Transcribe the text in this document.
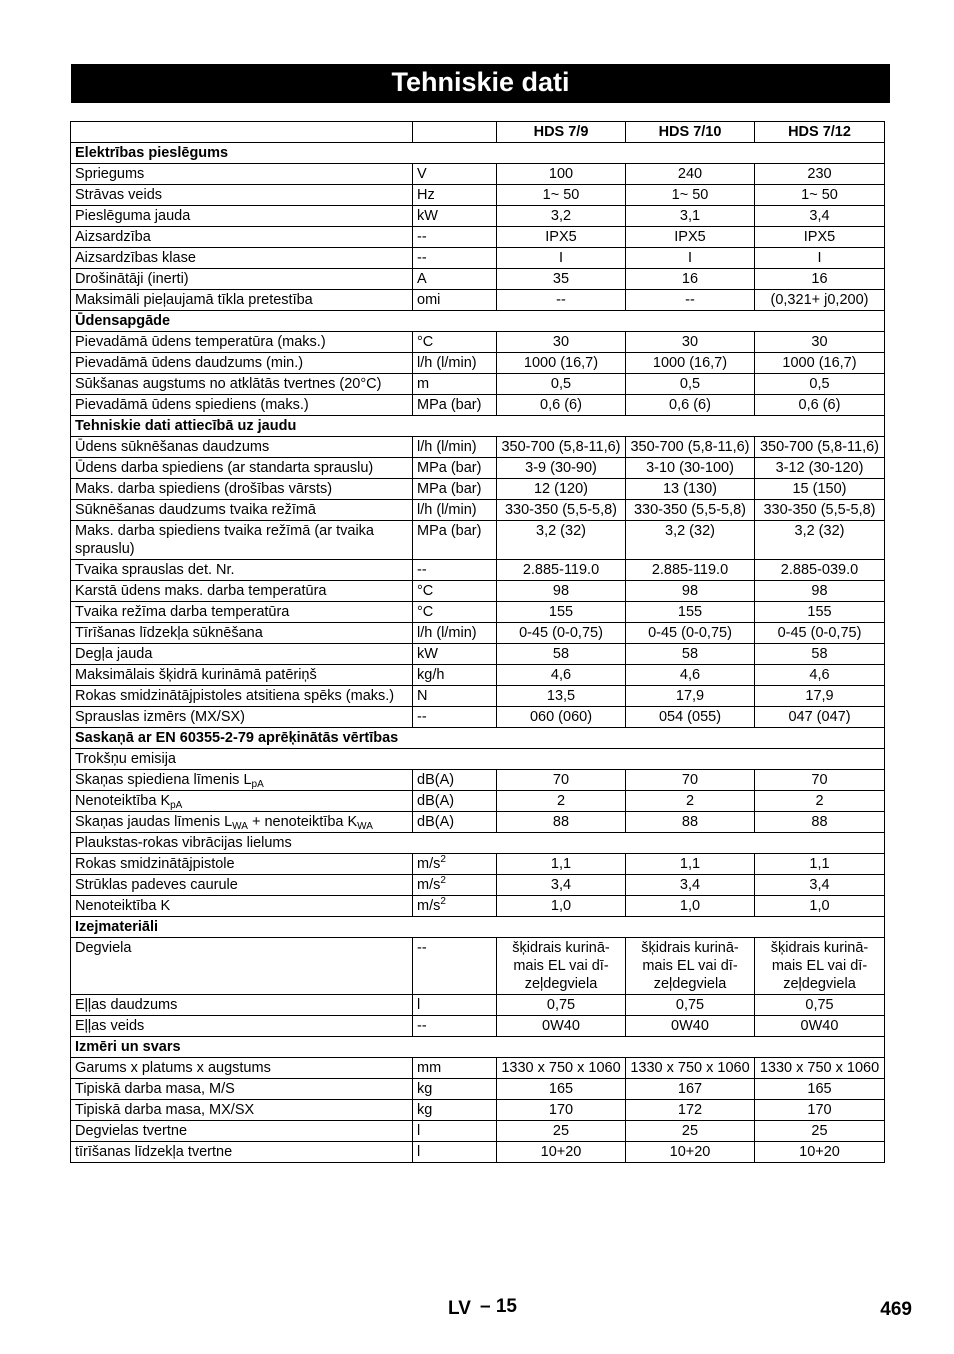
Tehniskie dati
		HDS 7/9	HDS 7/10	HDS 7/12
Elektrības pieslēgums				
Spriegums	V	100	240	230
Strāvas veids	Hz	1~ 50	1~ 50	1~ 50
Pieslēguma jauda	kW	3,2	3,1	3,4
Aizsardzība	--	IPX5	IPX5	IPX5
Aizsardzības klase	--	I	I	I
Drošinātāji (inerti)	A	35	16	16
Maksimāli pieļaujamā tīkla pretestība	omi	--	--	(0,321+ j0,200)
Ūdensapgāde				
Pievadāmā ūdens temperatūra (maks.)	°C	30	30	30
Pievadāmā ūdens daudzums (min.)	l/h (l/min)	1000 (16,7)	1000 (16,7)	1000 (16,7)
Sūkšanas augstums no atklātās tvertnes (20°C)	m	0,5	0,5	0,5
Pievadāmā ūdens spiediens (maks.)	MPa (bar)	0,6 (6)	0,6 (6)	0,6 (6)
Tehniskie dati attiecībā uz jaudu				
Ūdens sūknēšanas daudzums	l/h (l/min)	350-700 (5,8-11,6)	350-700 (5,8-11,6)	350-700 (5,8-11,6)
Ūdens darba spiediens (ar standarta sprauslu)	MPa (bar)	3-9 (30-90)	3-10 (30-100)	3-12 (30-120)
Maks. darba spiediens (drošības vārsts)	MPa (bar)	12 (120)	13 (130)	15 (150)
Sūknēšanas daudzums tvaika režīmā	l/h (l/min)	330-350 (5,5-5,8)	330-350 (5,5-5,8)	330-350 (5,5-5,8)
Maks. darba spiediens tvaika režīmā (ar tvaika sprauslu)	MPa (bar)	3,2 (32)	3,2 (32)	3,2 (32)
Tvaika sprauslas det. Nr.	--	2.885-119.0	2.885-119.0	2.885-039.0
Karstā ūdens maks. darba temperatūra	°C	98	98	98
Tvaika režīma darba temperatūra	°C	155	155	155
Tīrīšanas līdzekļa sūknēšana	l/h (l/min)	0-45 (0-0,75)	0-45 (0-0,75)	0-45 (0-0,75)
Degļa jauda	kW	58	58	58
Maksimālais šķidrā kurināmā patēriņš	kg/h	4,6	4,6	4,6
Rokas smidzinātājpistoles atsitiena spēks (maks.)	N	13,5	17,9	17,9
Sprauslas izmērs (MX/SX)	--	060 (060)	054 (055)	047 (047)
Saskaņā ar EN 60355-2-79 aprēķinātās vērtības				
Trokšņu emisija				
Skaņas spiediena līmenis $L_{pA}$	dB(A)	70	70	70
Nenoteiktība $K_{pA}$	dB(A)	2	2	2
Skaņas jaudas līmenis $L_{WA}$ + nenoteiktība $K_{WA}$	dB(A)	88	88	88
Plaukstas-rokas vibrācijas lielums				
Rokas smidzinātājpistole	$m/s^2$	1,1	1,1	1,1
Strūklas padeves caurule	$m/s^2$	3,4	3,4	3,4
Nenoteiktība K	$m/s^2$	1,0	1,0	1,0
Izejmateriāli				
Degviela	--	šķidrais kurinā-mais EL vai dī-zeļdegviela	šķidrais kurinā-mais EL vai dī-zeļdegviela	šķidrais kurinā-mais EL vai dī-zeļdegviela
Eļļas daudzums	l	0,75	0,75	0,75
Eļļas veids	--	0W40	0W40	0W40
Izmēri un svars				
Garums x platums x augstums	mm	1330 x 750 x 1060	1330 x 750 x 1060	1330 x 750 x 1060
Tipiskā darba masa, M/S	kg	165	167	165
Tipiskā darba masa, MX/SX	kg	170	172	170
Degvielas tvertne	l	25	25	25
tīrīšanas līdzekļa tvertne	l	10+20	10+20	10+20
LV – 15	469
